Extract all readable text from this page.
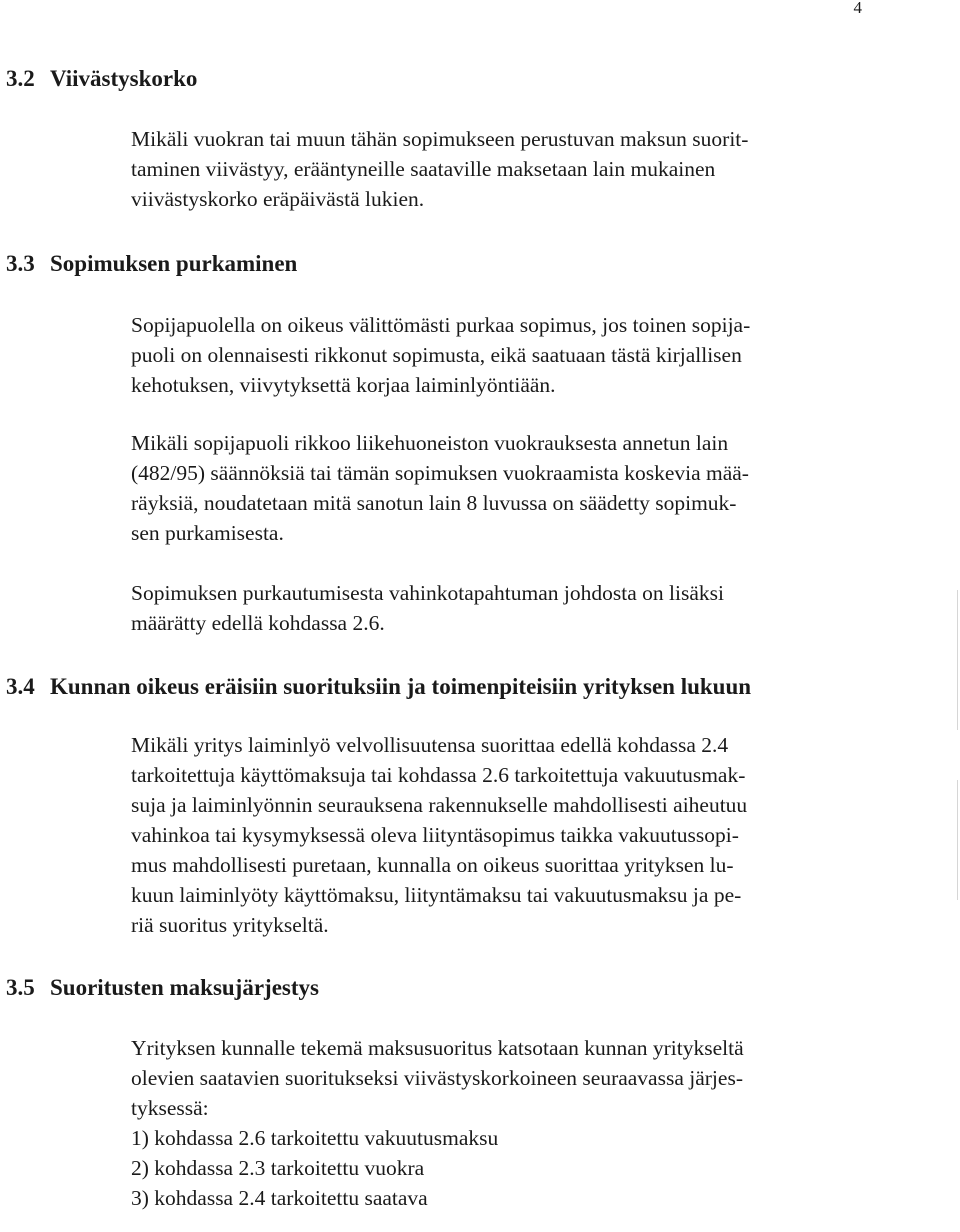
4
3.2 Viivästyskorko

Mikäli vuokran tai muun tähän sopimukseen perustuvan maksun suorit-
taminen viivästyy, erääntyneille saataville maksetaan lain mukainen
viivästyskorko eräpäivästä lukien.

3.3 Sopimuksen purkaminen

Sopijapuolella on oikeus välittömästi purkaa sopimus, jos toinen sopija-
puoli on olennaisesti rikkonut sopimusta, eikä saatuaan tästä kirjallisen
kehotuksen, viivytyksettä korjaa laiminlyöntiään.

Mikäli sopijapuoli rikkoo liikehuoneiston vuokrauksesta annetun lain
(482/95) säännöksiä tai tämän sopimuksen vuokraamista koskevia mää-
räyksiä, noudatetaan mitä sanotun lain 8 luvussa on säädetty sopimuk-
sen purkamisesta.

Sopimuksen purkautumisesta vahinkotapahtuman johdosta on lisäksi
määrätty edellä kohdassa 2.6.

3.4 Kunnan oikeus eräisiin suorituksiin ja toimenpiteisiin yrityksen lukuun

Mikäli yritys laiminlyö velvollisuutensa suorittaa edellä kohdassa 2.4
tarkoitettuja käyttömaksuja tai kohdassa 2.6 tarkoitettuja vakuutusmak-
suja ja laiminlyönnin seurauksena rakennukselle mahdollisesti aiheutuu
vahinkoa tai kysymyksessä oleva liityntäsopimus taikka vakuutussopi-
mus mahdollisesti puretaan, kunnalla on oikeus suorittaa yrityksen lu-
kuun laiminlyöty käyttömaksu, liityntämaksu tai vakuutusmaksu ja pe-
riä suoritus yritykseltä.

3.5 Suoritusten maksujärjestys

Yrityksen kunnalle tekemä maksusuoritus katsotaan kunnan yritykseltä
olevien saatavien suoritukseksi viivästyskorkoineen seuraavassa järjes-
tyksessä:
1) kohdassa 2.6 tarkoitettu vakuutusmaksu
2) kohdassa 2.3 tarkoitettu vuokra
3) kohdassa 2.4 tarkoitettu saatava
